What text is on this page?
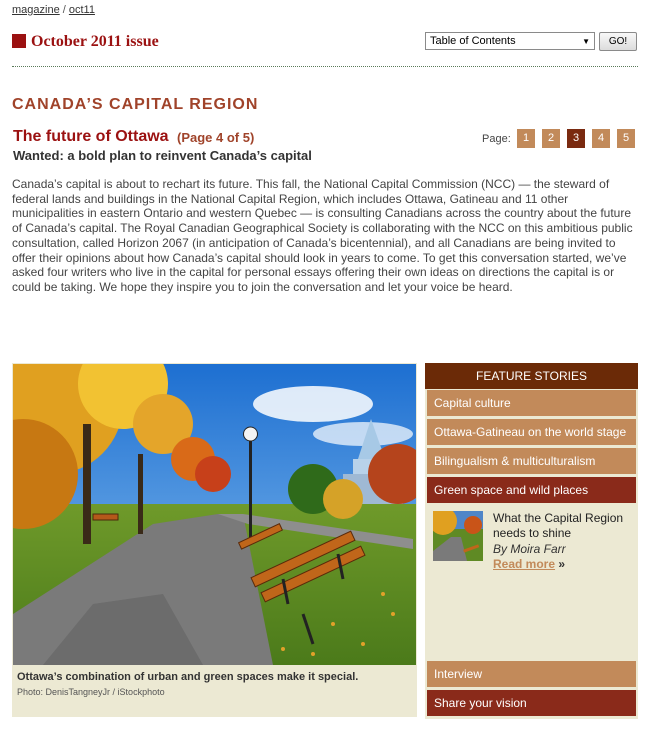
magazine / oct11
October 2011 issue	Table of Contents	▼	GO!
CANADA’S CAPITAL REGION
The future of Ottawa (Page 4 of 5)
Wanted: a bold plan to reinvent Canada’s capital
Page:	1	2	3	4	5
Canada’s capital is about to rechart its future. This fall, the National Capital Commission (NCC) — the steward of federal lands and buildings in the National Capital Region, which includes Ottawa, Gatineau and 11 other municipalities in eastern Ontario and western Quebec — is consulting Canadians across the country about the future of Canada’s capital. The Royal Canadian Geographical Society is collaborating with the NCC on this ambitious public consultation, called Horizon 2067 (in anticipation of Canada’s bicentennial), and all Canadians are being invited to offer their opinions about how Canada’s capital should look in years to come. To get this conversation started, we’ve asked four writers who live in the capital for personal essays offering their own ideas on directions the capital is or could be taking. We hope they inspire you to join the conversation and let your voice be heard.
Ottawa’s combination of urban and green spaces make it special.
Photo: DenisTangneyJr / iStockphoto
FEATURE STORIES
Capital culture
Ottawa-Gatineau on the world stage
Bilingualism & multiculturalism
Green space and wild places
What the Capital Region needs to shine
By Moira Farr
Read more »
Interview
Share your vision
